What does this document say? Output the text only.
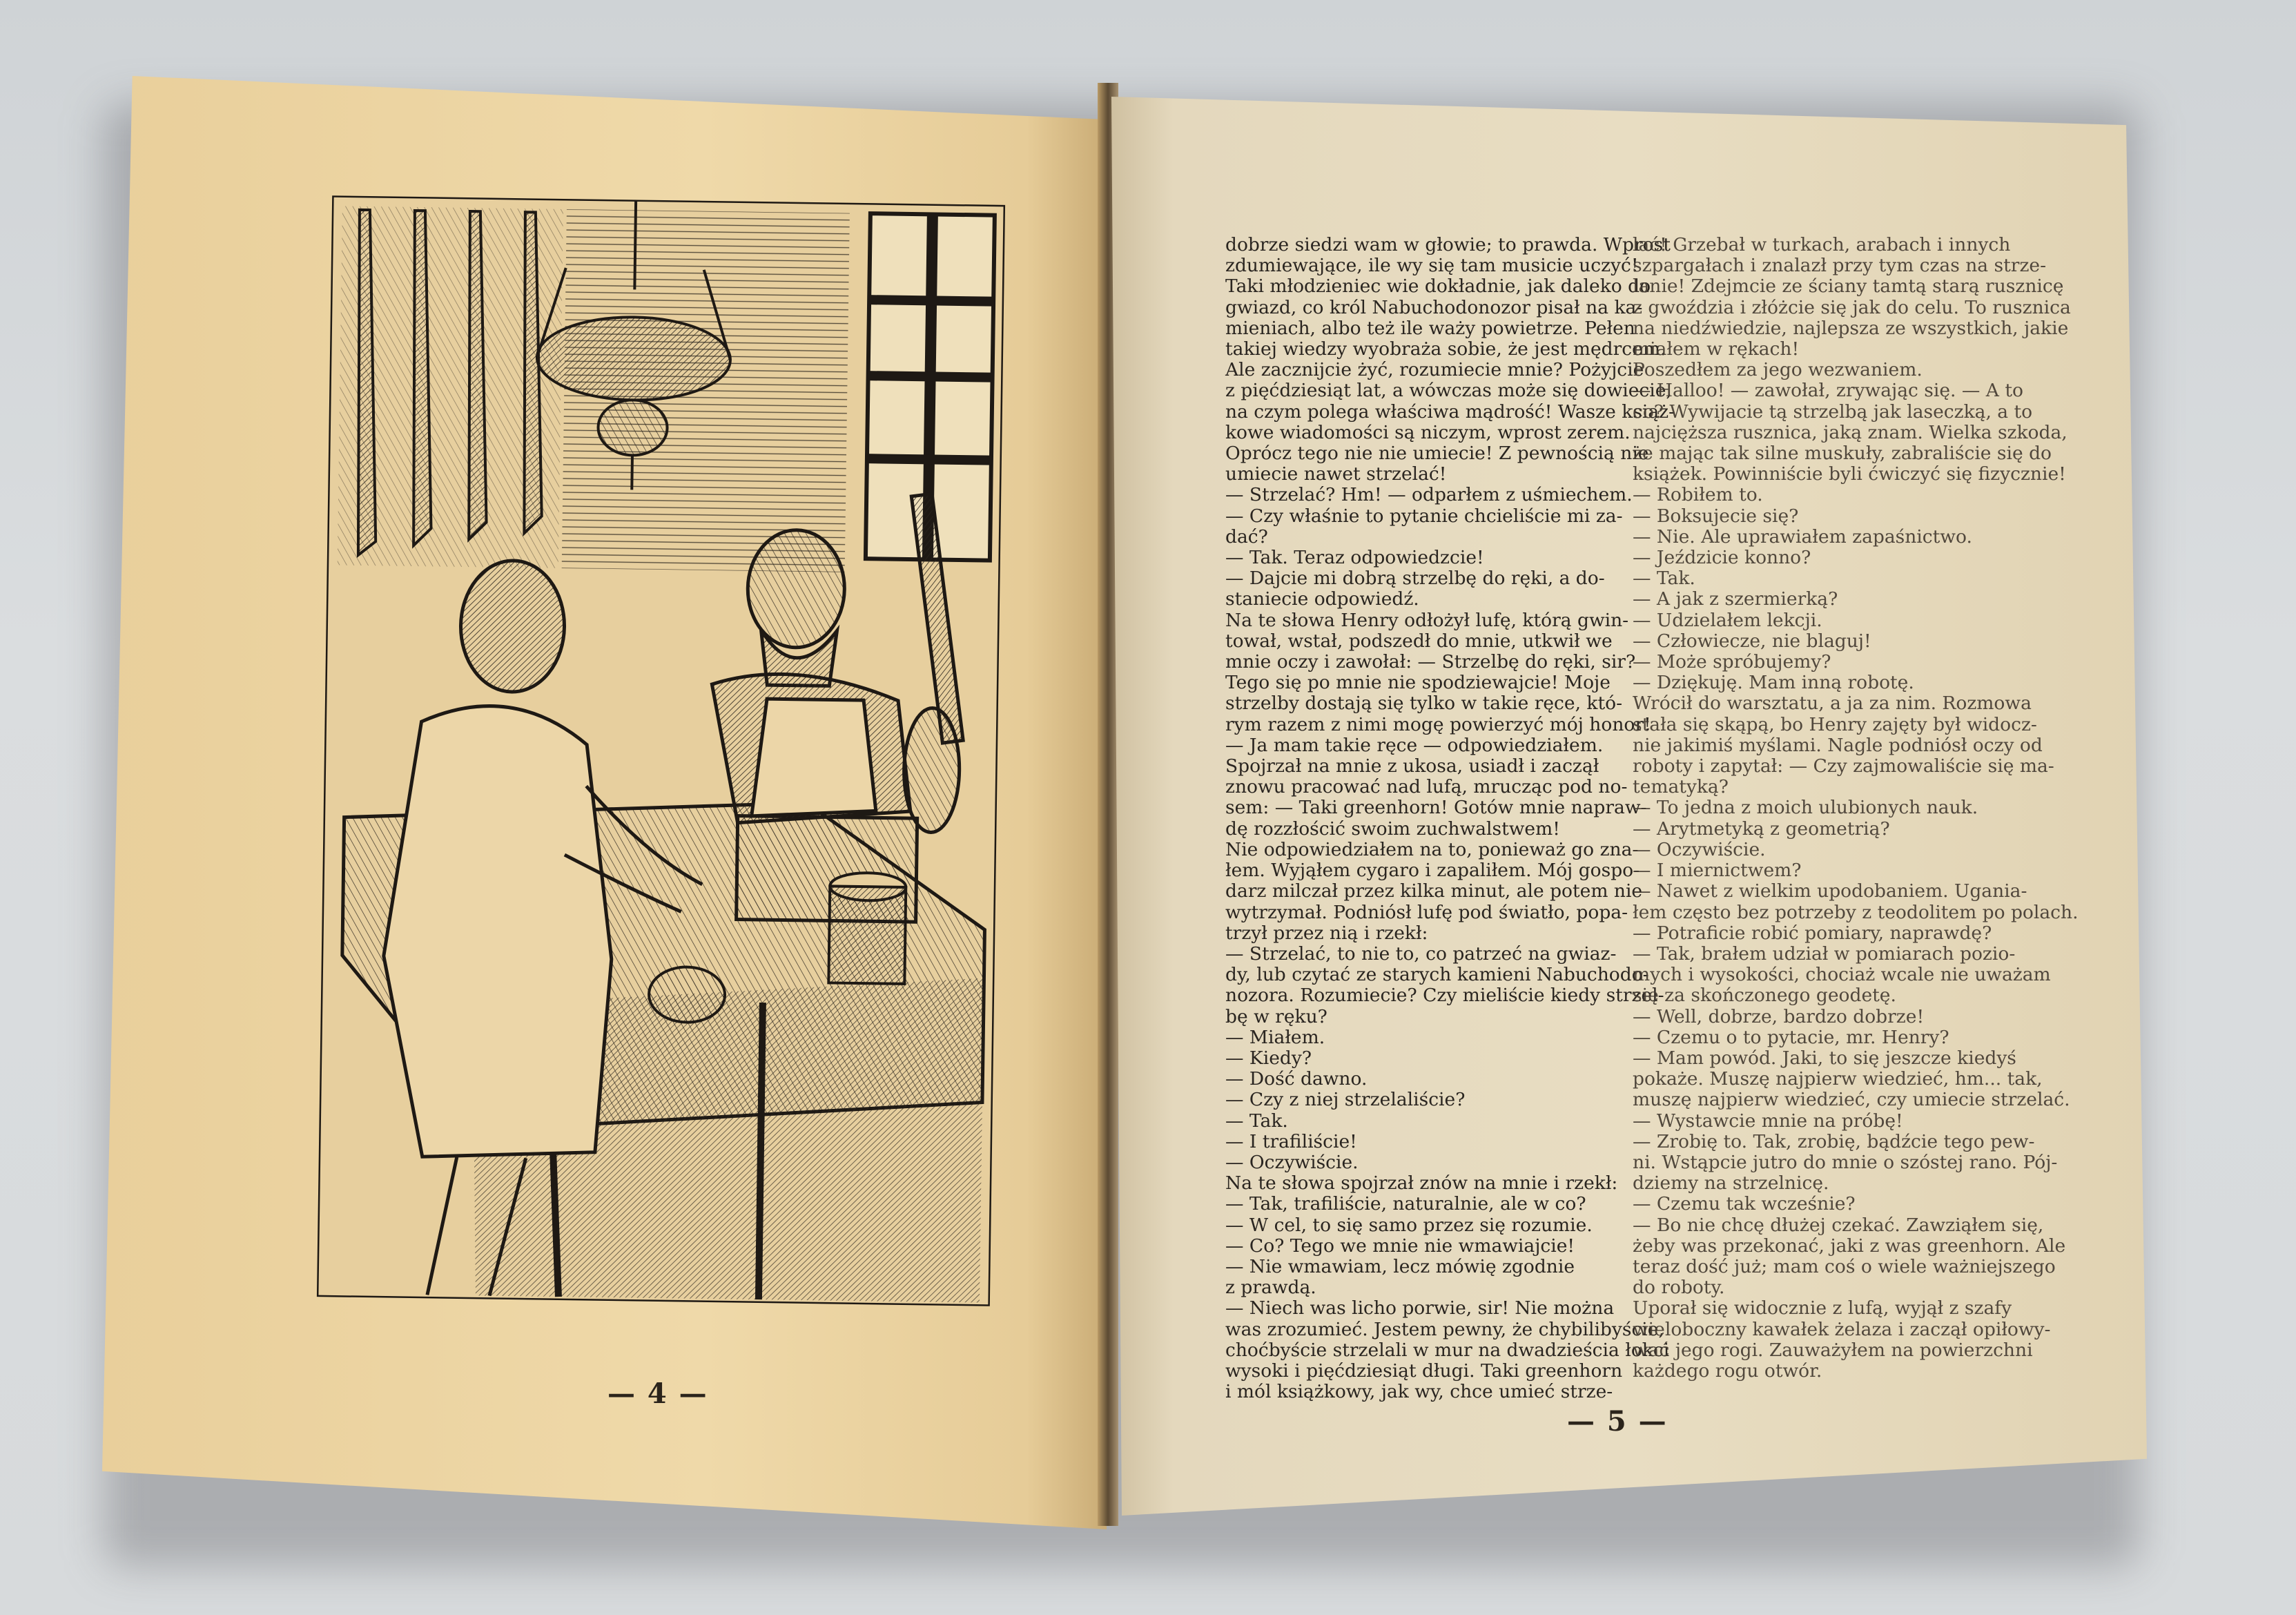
— 4 —
dobrze siedzi wam w głowie; to prawda. Wprost
zdumiewające, ile wy się tam musicie uczyć!
Taki młodzieniec wie dokładnie, jak daleko do
gwiazd, co król Nabuchodonozor pisał na ka-
mieniach, albo też ile waży powietrze. Pełen
takiej wiedzy wyobraża sobie, że jest mędrcem.
Ale zacznijcie żyć, rozumiecie mnie? Pożyjcie
z pięćdziesiąt lat, a wówczas może się dowiecie,
na czym polega właściwa mądrość! Wasze książ-
kowe wiadomości są niczym, wprost zerem.
Oprócz tego nie nie umiecie! Z pewnością nie
umiecie nawet strzelać!
— Strzelać? Hm! — odparłem z uśmiechem.
— Czy właśnie to pytanie chcieliście mi za-
dać?
— Tak. Teraz odpowiedzcie!
— Dajcie mi dobrą strzelbę do ręki, a do-
staniecie odpowiedź.
Na te słowa Henry odłożył lufę, którą gwin-
tował, wstał, podszedł do mnie, utkwił we
mnie oczy i zawołał: — Strzelbę do ręki, sir?
Tego się po mnie nie spodziewajcie! Moje
strzelby dostają się tylko w takie ręce, któ-
rym razem z nimi mogę powierzyć mój honor!
— Ja mam takie ręce — odpowiedziałem.
Spojrzał na mnie z ukosa, usiadł i zaczął
znowu pracować nad lufą, mrucząc pod no-
sem: — Taki greenhorn! Gotów mnie napraw-
dę rozzłościć swoim zuchwalstwem!
Nie odpowiedziałem na to, ponieważ go zna-
łem. Wyjąłem cygaro i zapaliłem. Mój gospo-
darz milczał przez kilka minut, ale potem nie
wytrzymał. Podniósł lufę pod światło, popa-
trzył przez nią i rzekł:
— Strzelać, to nie to, co patrzeć na gwiaz-
dy, lub czytać ze starych kamieni Nabuchodo-
nozora. Rozumiecie? Czy mieliście kiedy strzel-
bę w ręku?
— Miałem.
— Kiedy?
— Dość dawno.
— Czy z niej strzelaliście?
— Tak.
— I trafiliście!
— Oczywiście.
Na te słowa spojrzał znów na mnie i rzekł:
— Tak, trafiliście, naturalnie, ale w co?
— W cel, to się samo przez się rozumie.
— Co? Tego we mnie nie wmawiajcie!
— Nie wmawiam, lecz mówię zgodnie
z prawdą.
— Niech was licho porwie, sir! Nie można
was zrozumieć. Jestem pewny, że chybilibyście,
choćbyście strzelali w mur na dwadzieścia łokci
wysoki i pięćdziesiąt długi. Taki greenhorn
i mól książkowy, jak wy, chce umieć strze-
lać! Grzebał w turkach, arabach i innych
szpargałach i znalazł przy tym czas na strze-
lanie! Zdejmcie ze ściany tamtą starą rusznicę
z gwoździa i złóżcie się jak do celu. To rusznica
na niedźwiedzie, najlepsza ze wszystkich, jakie
miałem w rękach!
Poszedłem za jego wezwaniem.
— Halloo! — zawołał, zrywając się. — A to
co? Wywijacie tą strzelbą jak laseczką, a to
najcięższa rusznica, jaką znam. Wielka szkoda,
że mając tak silne muskuły, zabraliście się do
książek. Powinniście byli ćwiczyć się fizycznie!
— Robiłem to.
— Boksujecie się?
— Nie. Ale uprawiałem zapaśnictwo.
— Jeździcie konno?
— Tak.
— A jak z szermierką?
— Udzielałem lekcji.
— Człowiecze, nie blaguj!
— Może spróbujemy?
— Dziękuję. Mam inną robotę.
Wrócił do warsztatu, a ja za nim. Rozmowa
stała się skąpą, bo Henry zajęty był widocz-
nie jakimiś myślami. Nagle podniósł oczy od
roboty i zapytał: — Czy zajmowaliście się ma-
tematyką?
— To jedna z moich ulubionych nauk.
— Arytmetyką z geometrią?
— Oczywiście.
— I miernictwem?
— Nawet z wielkim upodobaniem. Ugania-
łem często bez potrzeby z teodolitem po polach.
— Potraficie robić pomiary, naprawdę?
— Tak, brałem udział w pomiarach pozio-
mych i wysokości, chociaż wcale nie uważam
się za skończonego geodetę.
— Well, dobrze, bardzo dobrze!
— Czemu o to pytacie, mr. Henry?
— Mam powód. Jaki, to się jeszcze kiedyś
pokaże. Muszę najpierw wiedzieć, hm... tak,
muszę najpierw wiedzieć, czy umiecie strzelać.
— Wystawcie mnie na próbę!
— Zrobię to. Tak, zrobię, bądźcie tego pew-
ni. Wstąpcie jutro do mnie o szóstej rano. Pój-
dziemy na strzelnicę.
— Czemu tak wcześnie?
— Bo nie chcę dłużej czekać. Zawziąłem się,
żeby was przekonać, jaki z was greenhorn. Ale
teraz dość już; mam coś o wiele ważniejszego
do roboty.
Uporał się widocznie z lufą, wyjął z szafy
wieloboczny kawałek żelaza i zaczął opiłowy-
wać jego rogi. Zauważyłem na powierzchni
każdego rogu otwór.
— 5 —
